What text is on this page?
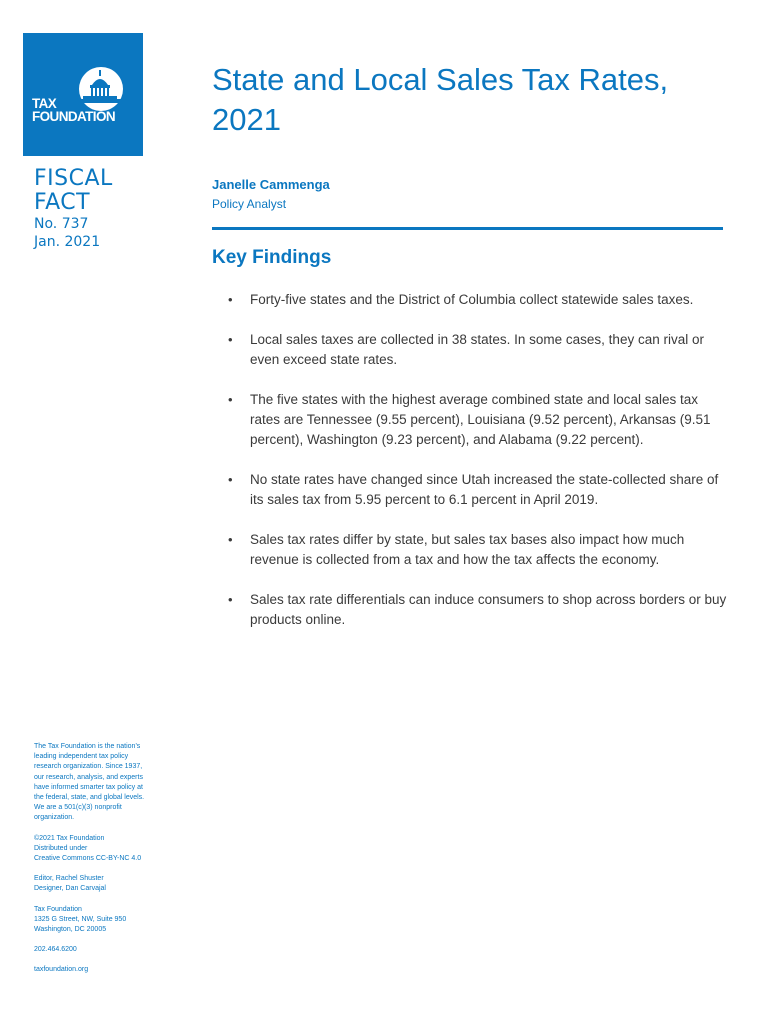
TAX
FOUNDATION
FISCAL
FACT
No. 737
Jan. 2021
State and Local Sales Tax Rates, 2021
Janelle Cammenga
Policy Analyst
Key Findings
• Forty-five states and the District of Columbia collect statewide sales taxes.
• Local sales taxes are collected in 38 states. In some cases, they can rival or even exceed state rates.
• The five states with the highest average combined state and local sales tax rates are Tennessee (9.55 percent), Louisiana (9.52 percent), Arkansas (9.51 percent), Washington (9.23 percent), and Alabama (9.22 percent).
• No state rates have changed since Utah increased the state-collected share of its sales tax from 5.95 percent to 6.1 percent in April 2019.
• Sales tax rates differ by state, but sales tax bases also impact how much revenue is collected from a tax and how the tax affects the economy.
• Sales tax rate differentials can induce consumers to shop across borders or buy products online.

The Tax Foundation is the nation's leading independent tax policy research organization. Since 1937, our research, analysis, and experts have informed smarter tax policy at the federal, state, and global levels. We are a 501(c)(3) nonprofit organization.

©2021 Tax Foundation
Distributed under
Creative Commons CC-BY-NC 4.0

Editor, Rachel Shuster
Designer, Dan Carvajal

Tax Foundation
1325 G Street, NW, Suite 950
Washington, DC 20005

202.464.6200

taxfoundation.org
